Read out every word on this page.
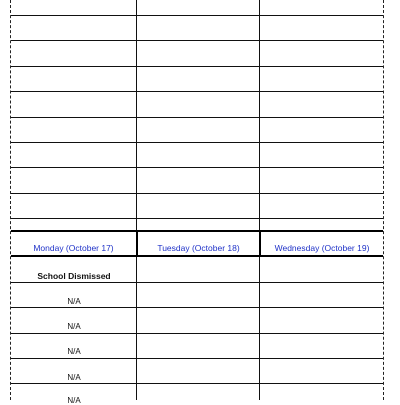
Monday (October 17)	Tuesday (October 18)	Wednesday (October 19)
School Dismissed
N/A
N/A
N/A
N/A
N/A
